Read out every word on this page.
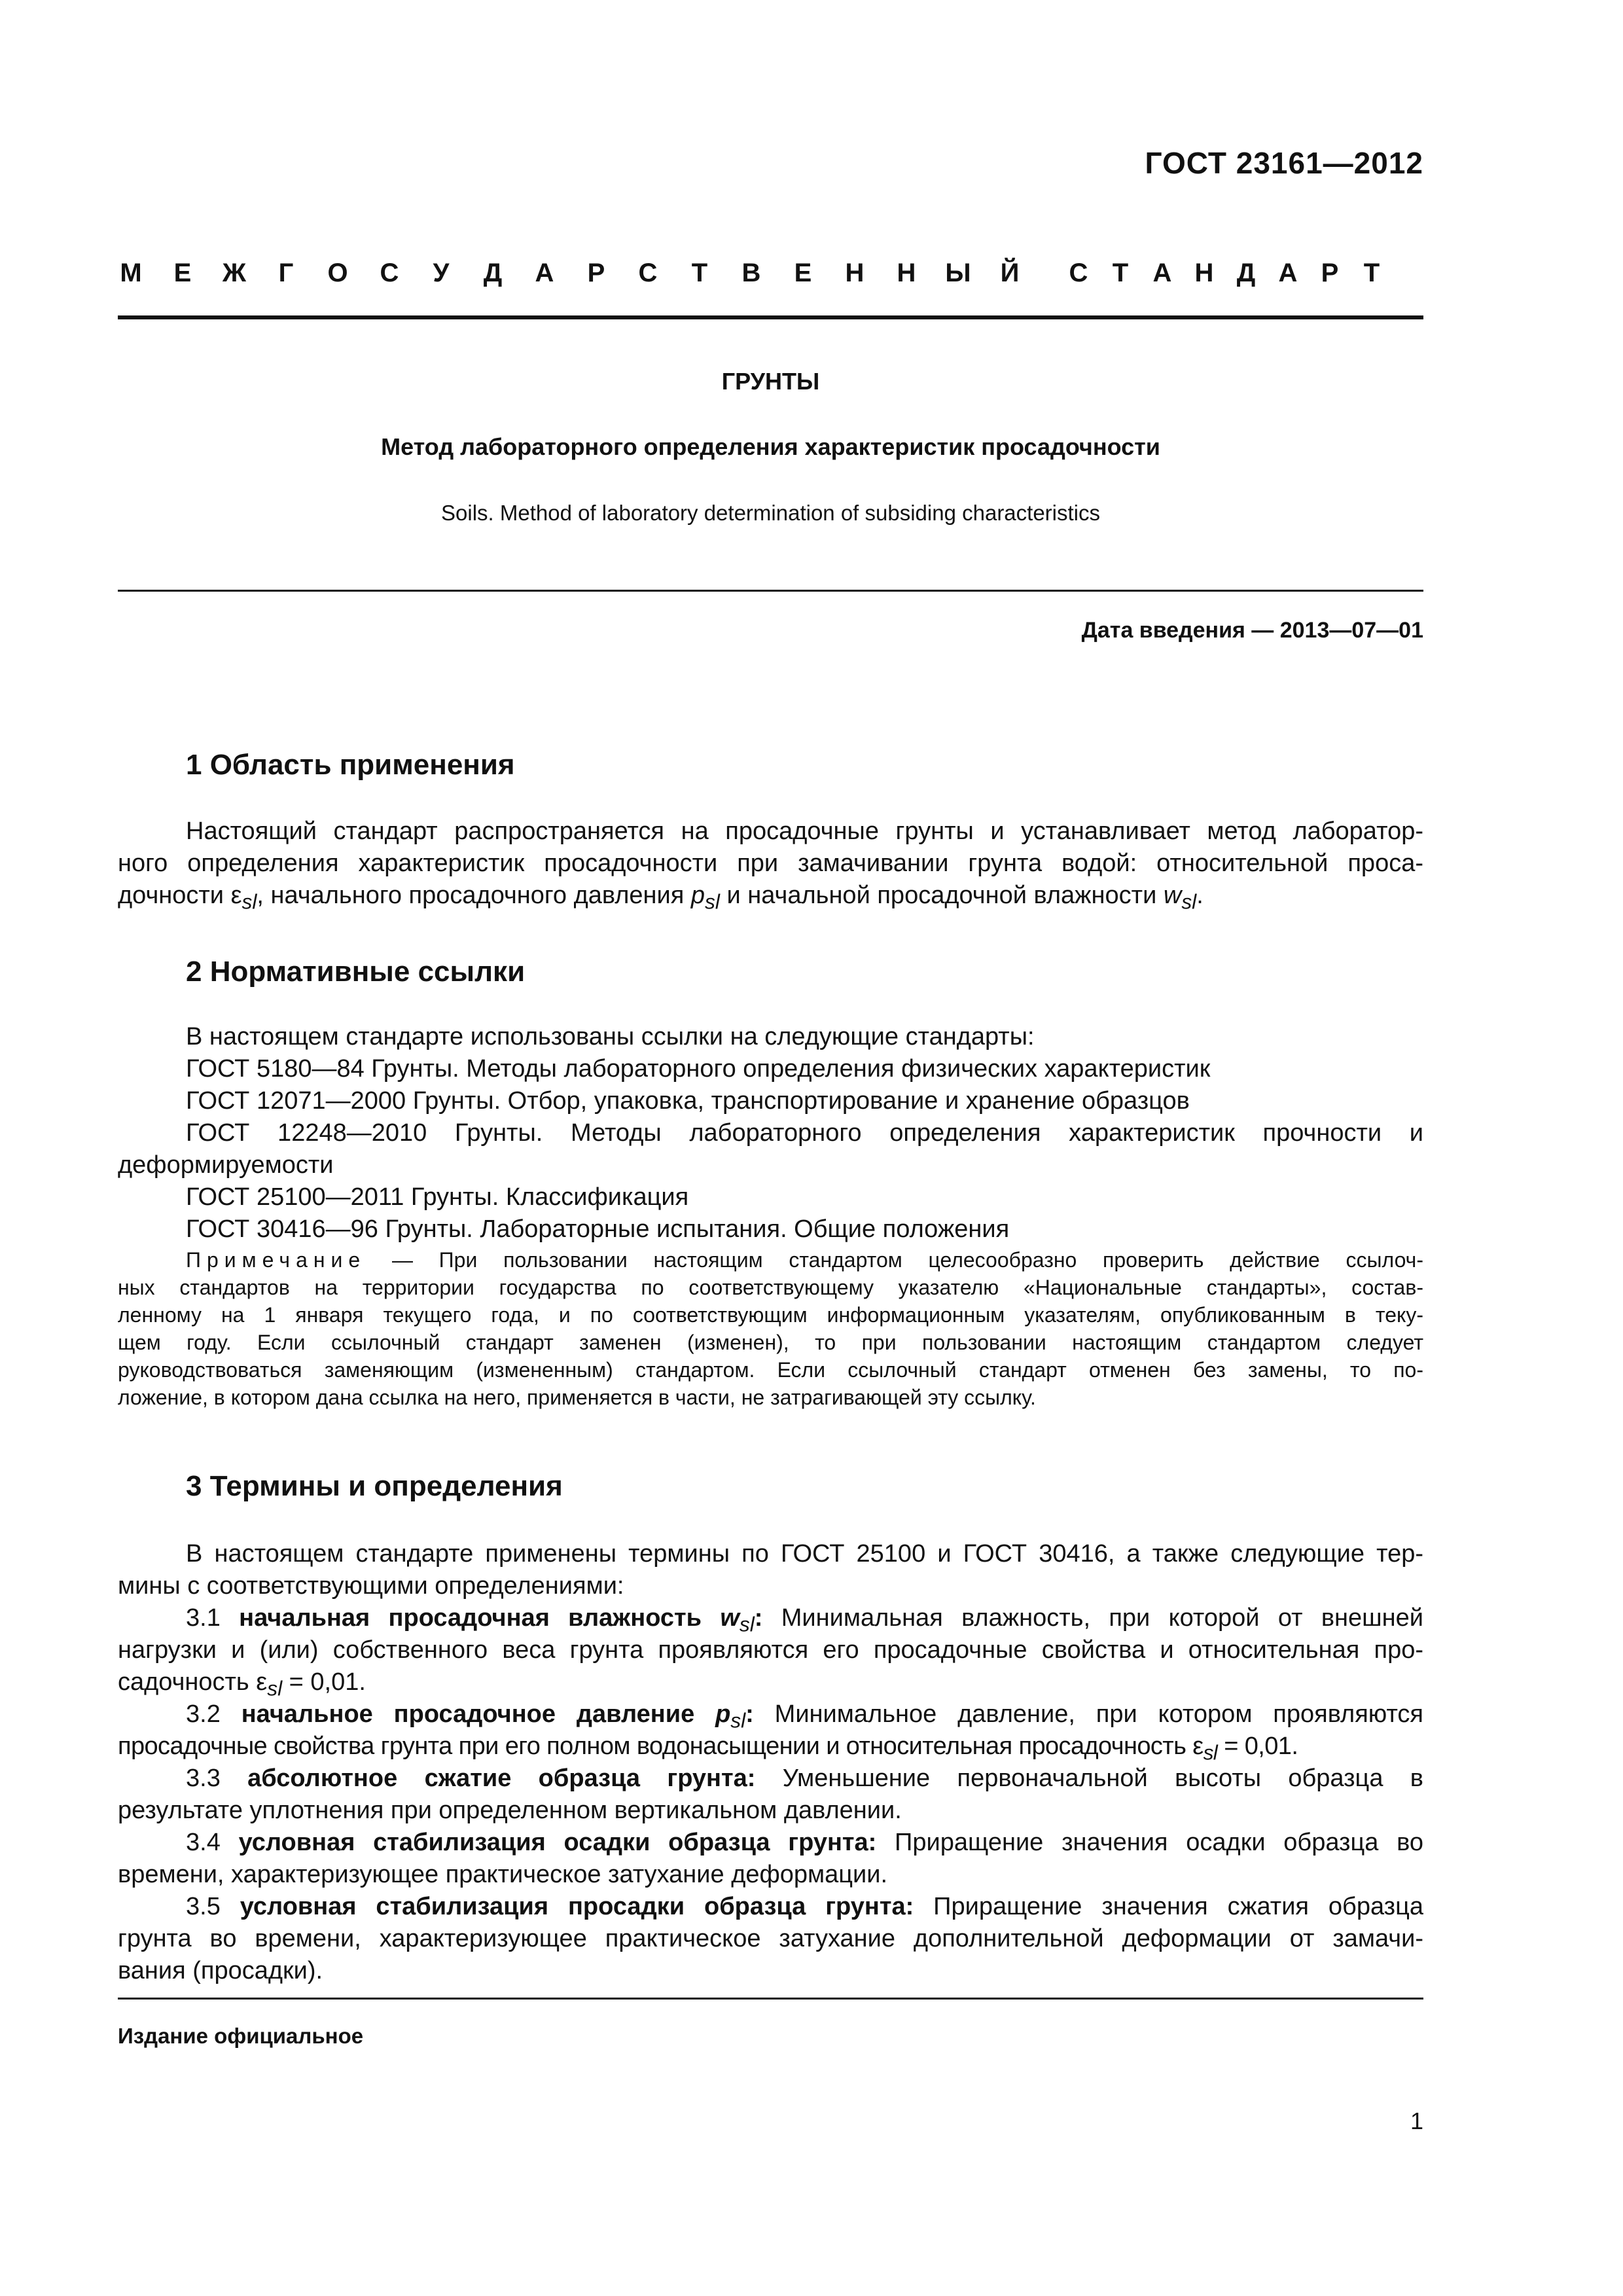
ГОСТ 23161—2012
М Е Ж Г О С У Д А Р С Т В Е Н Н Ы Й С Т А Н Д А Р Т
ГРУНТЫ
Метод лабораторного определения характеристик просадочности
Soils. Method of laboratory determination of subsiding characteristics
Дата введения — 2013—07—01
1 Область применения
Настоящий стандарт распространяется на просадочные грунты и устанавливает метод лаборатор-
ного определения характеристик просадочности при замачивании грунта водой: относительной проса-
дочности $\varepsilon_{sl}$, начального просадочного давления $p_{sl}$ и начальной просадочной влажности $w_{sl}$.
2 Нормативные ссылки
В настоящем стандарте использованы ссылки на следующие стандарты:
ГОСТ 5180—84 Грунты. Методы лабораторного определения физических характеристик
ГОСТ 12071—2000 Грунты. Отбор, упаковка, транспортирование и хранение образцов
ГОСТ 12248—2010 Грунты. Методы лабораторного определения характеристик прочности и
деформируемости
ГОСТ 25100—2011 Грунты. Классификация
ГОСТ 30416—96 Грунты. Лабораторные испытания. Общие положения
Примечание — При пользовании настоящим стандартом целесообразно проверить действие ссылоч-
ных стандартов на территории государства по соответствующему указателю «Национальные стандарты», состав-
ленному на 1 января текущего года, и по соответствующим информационным указателям, опубликованным в теку-
щем году. Если ссылочный стандарт заменен (изменен), то при пользовании настоящим стандартом следует
руководствоваться заменяющим (измененным) стандартом. Если ссылочный стандарт отменен без замены, то по-
ложение, в котором дана ссылка на него, применяется в части, не затрагивающей эту ссылку.
3 Термины и определения
В настоящем стандарте применены термины по ГОСТ 25100 и ГОСТ 30416, а также следующие тер-
мины с соответствующими определениями:
3.1 начальная просадочная влажность $w_{sl}$: Минимальная влажность, при которой от внешней
нагрузки и (или) собственного веса грунта проявляются его просадочные свойства и относительная про-
садочность $\varepsilon_{sl} = 0,01$.
3.2 начальное просадочное давление $p_{sl}$: Минимальное давление, при котором проявляются
просадочные свойства грунта при его полном водонасыщении и относительная просадочность $\varepsilon_{sl} = 0,01$.
3.3 абсолютное сжатие образца грунта: Уменьшение первоначальной высоты образца в
результате уплотнения при определенном вертикальном давлении.
3.4 условная стабилизация осадки образца грунта: Приращение значения осадки образца во
времени, характеризующее практическое затухание деформации.
3.5 условная стабилизация просадки образца грунта: Приращение значения сжатия образца
грунта во времени, характеризующее практическое затухание дополнительной деформации от замачи-
вания (просадки).
Издание официальное
1
